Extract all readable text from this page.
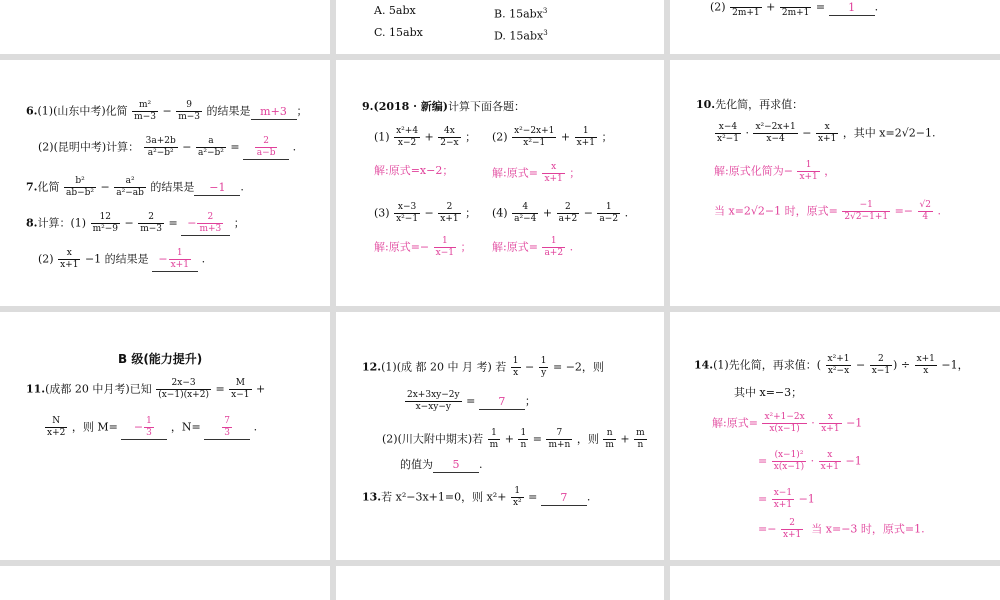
A. 5abx	B. 15abx$^3$
C. 15abx	D. 15abx$^3$
(2)
2m+1 +
2m+1 = 1 .
6.(1)(山东中考)化简 $\frac{\text{m²}}{m-3} - \frac{9}{m-3}$ 的结果是 m+3 ；
(2)(昆明中考)计算： $\frac{3a+2b}{\text{a²−b²}} - \frac{a}{\text{a²−b²}} = \frac{2}{a-b}$ .
7.化简 $\frac{\text{b²}}{\text{ab−b²}} - \frac{\text{a²}}{\text{a²−ab}}$ 的结果是 −1 .
8.计算：$(1) \frac{12}{\text{m²−9}} - \frac{2}{m-3}$ = − $\frac{2}{m+3}$ ；
$(2) \frac{x}{x+1} -1$ 的结果是 − $\frac{1}{x+1}$ .
9.(2018 · 新编)计算下面各题：
$(1) \frac{\text{x²+4}}{x-2} + \frac{4x}{2-x}$ ； $(2) \frac{\text{x²−2x+1}}{\text{x²−1}} + \frac{1}{x+1}$ ；
解:原式=x−2；	解:原式= $\frac{x}{x+1}$ ；
$(3) \frac{x-3}{\text{x²−1}} - \frac{2}{x+1}$ ； $(4) \frac{4}{\text{a²−4}} + \frac{2}{a+2} - \frac{1}{a-2}$ .
解:原式=− $\frac{1}{x-1}$ ； 解:原式= $\frac{1}{a+2}$ .
10.先化简，再求值：
$\frac{x-4}{\text{x²−1}} \cdot \frac{\text{x²−2x+1}}{x-4} - \frac{x}{x+1}$ ，其中 x=2√2−1.
解:原式化简为− $\frac{1}{x+1}$ ，
当 x=2√2−1 时，原式= $\frac{-1}{2√2-1+1} =- \frac{√2}{4}$ .
B 级(能力提升)
11.(成都 20 中月考)已知 $\frac{2x-3}{(x-1)(x+2)} = \frac{M}{x-1}$ +
$\frac{N}{x+2}$ ，则 $M= - \frac{1}{3}$ ，$N= \frac{7}{3}$ .
12.(1)(成 都 20 中 月 考) 若 $\frac{1}{x} - \frac{1}{y} = -2$，则
$\frac{2x+3xy-2y}{x-xy-y} = 7$ ；
(2)(川大附中期末)若 $\frac{1}{m} + \frac{1}{n} = \frac{7}{m+n}$ ，则 $\frac{n}{m} + \frac{m}{n}$
的值为 5 .
13.若 x²−3x+1=0，则 $x^2+ \frac{1}{\text{x²}} = 7$ .
14.(1)先化简，再求值：( $\frac{\text{x²+1}}{\text{x²−x}} - \frac{2}{x-1}$ ) ÷ $\frac{x+1}{x} -1$，
其中 x=−3；
解:原式= $\frac{\text{x²+1−2x}}{x(x-1)} \cdot \frac{x}{x+1} -1$
= $\frac{\text{(x−1)²}}{x(x-1)} \cdot \frac{x}{x+1} -1$
= $\frac{x-1}{x+1} -1$
=− $\frac{2}{x+1}$ 当 x=−3 时，原式=1.
